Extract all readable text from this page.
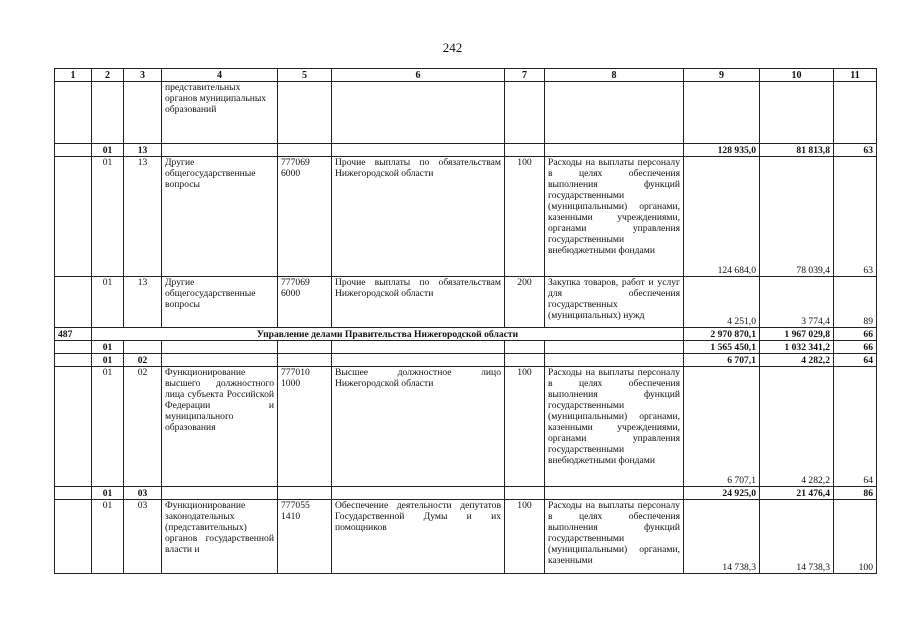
242
1	2	3	4	5	6	7	8	9	10	11
			представительных органов муниципальных образований							
	01	13						128 935,0	81 813,8	63
	01	13	Другие общегосударственные вопросы	777069 6000	Прочие выплаты по обязательствам Нижегородской области	100	Расходы на выплаты персоналу в целях обеспечения выполнения функций государственными (муниципальными) органами, казенными учреждениями, органами управления государственными внебюджетными фондами	124 684,0	78 039,4	63
	01	13	Другие общегосударственные вопросы	777069 6000	Прочие выплаты по обязательствам Нижегородской области	200	Закупка товаров, работ и услуг для обеспечения государственных (муниципальных) нужд	4 251,0	3 774,4	89
487	Управление делами Правительства Нижегородской области							2 970 870,1	1 967 029,8	66
	01							1 565 450,1	1 032 341,2	66
	01	02						6 707,1	4 282,2	64
	01	02	Функционирование высшего должностного лица субъекта Российской Федерации и муниципального образования	777010 1000	Высшее должностное лицо Нижегородской области	100	Расходы на выплаты персоналу в целях обеспечения выполнения функций государственными (муниципальными) органами, казенными учреждениями, органами управления государственными внебюджетными фондами	6 707,1	4 282,2	64
	01	03						24 925,0	21 476,4	86
	01	03	Функционирование законодательных (представительных) органов государственной власти и	777055 1410	Обеспечение деятельности депутатов Государственной Думы и их помощников	100	Расходы на выплаты персоналу в целях обеспечения выполнения функций государственными (муниципальными) органами, казенными	14 738,3	14 738,3	100
